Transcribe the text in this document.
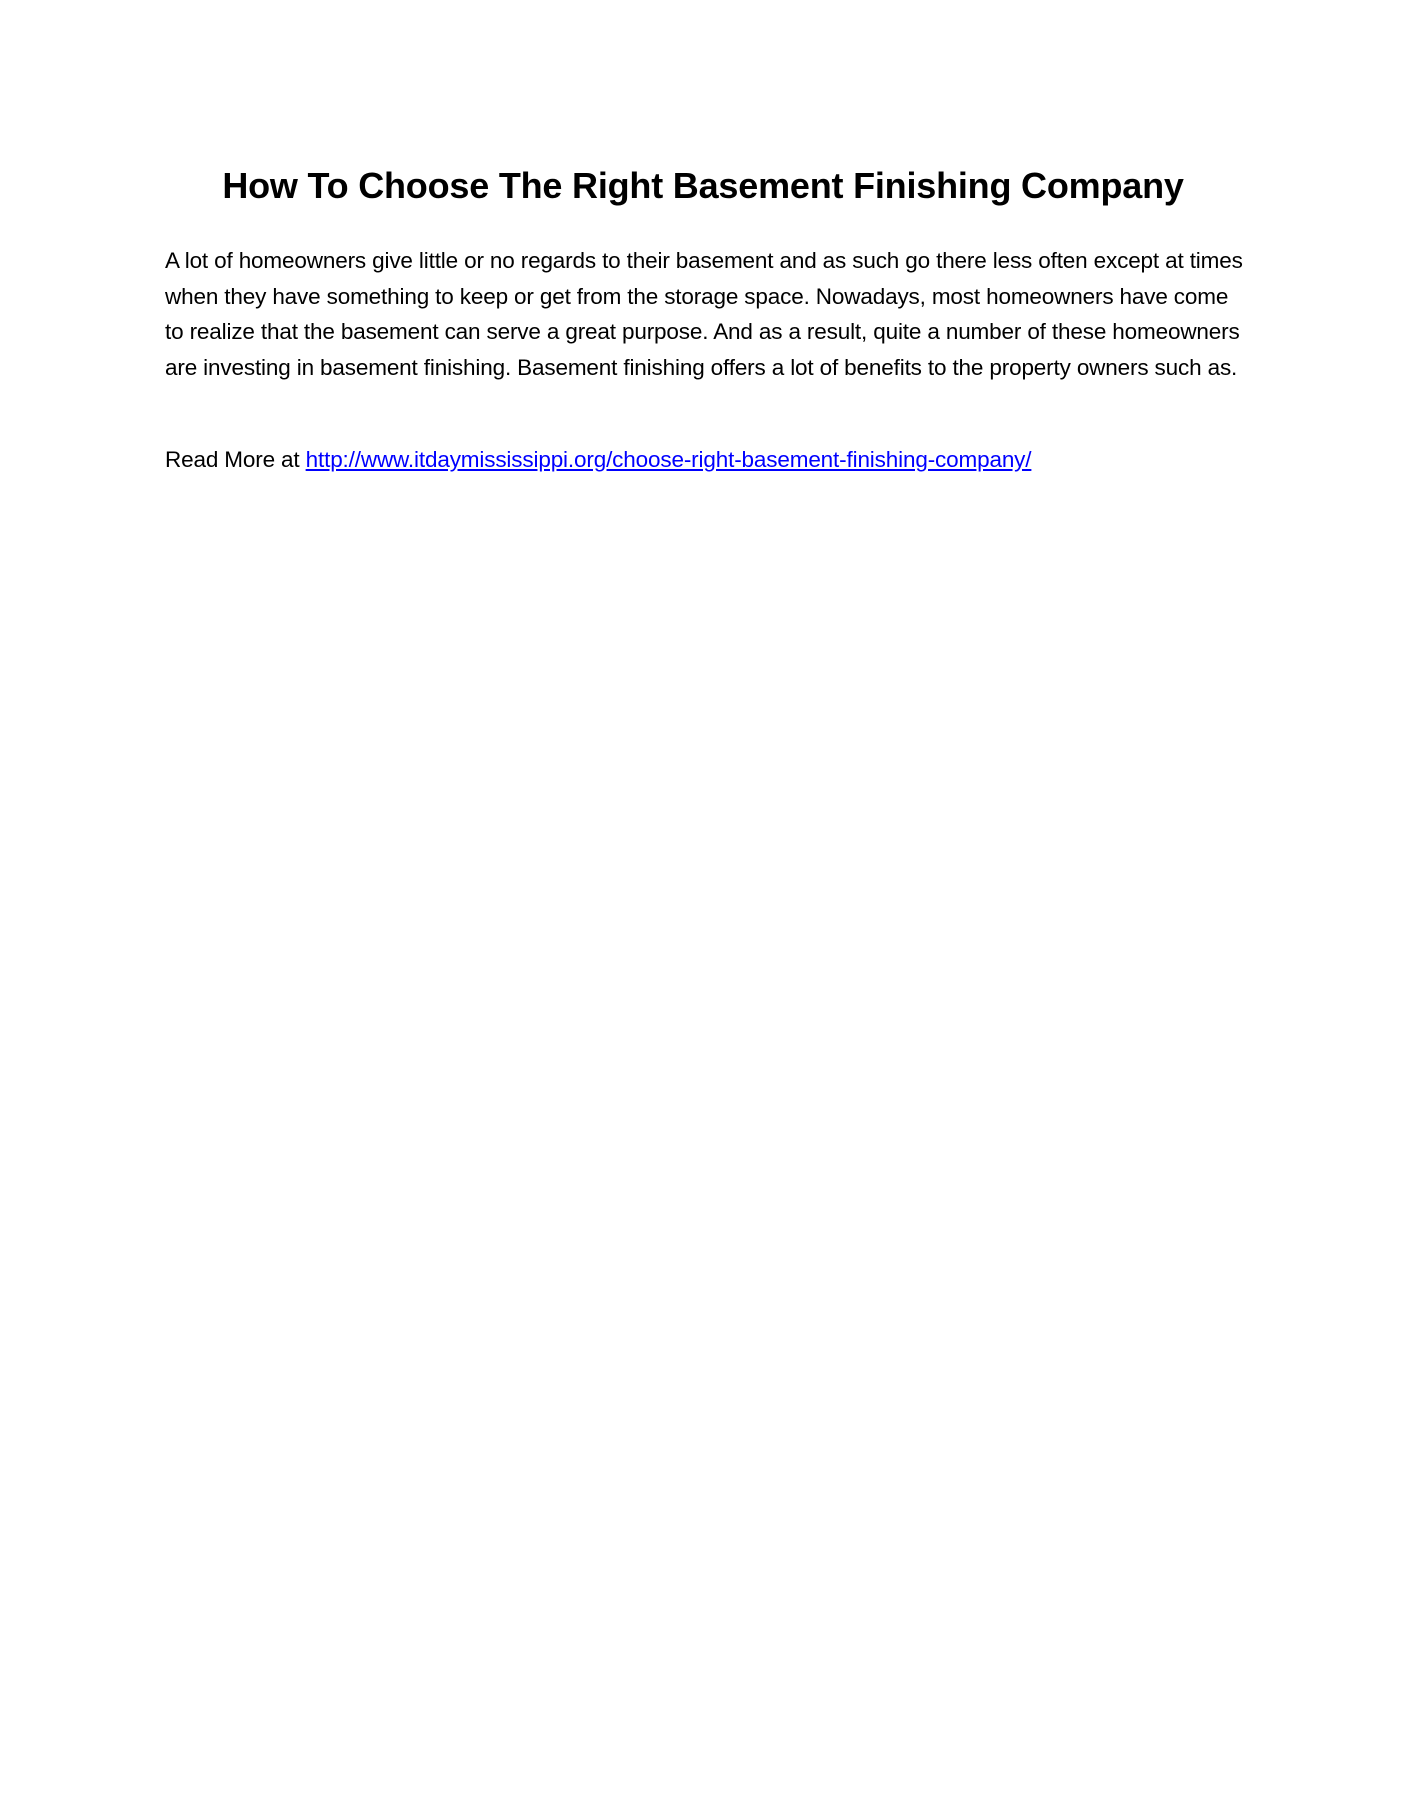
How To Choose The Right Basement Finishing Company

A lot of homeowners give little or no regards to their basement and as such go there less often except at times when they have something to keep or get from the storage space. Nowadays, most homeowners have come to realize that the basement can serve a great purpose. And as a result, quite a number of these homeowners are investing in basement finishing. Basement finishing offers a lot of benefits to the property owners such as.

Read More at http://www.itdaymississippi.org/choose-right-basement-finishing-company/
